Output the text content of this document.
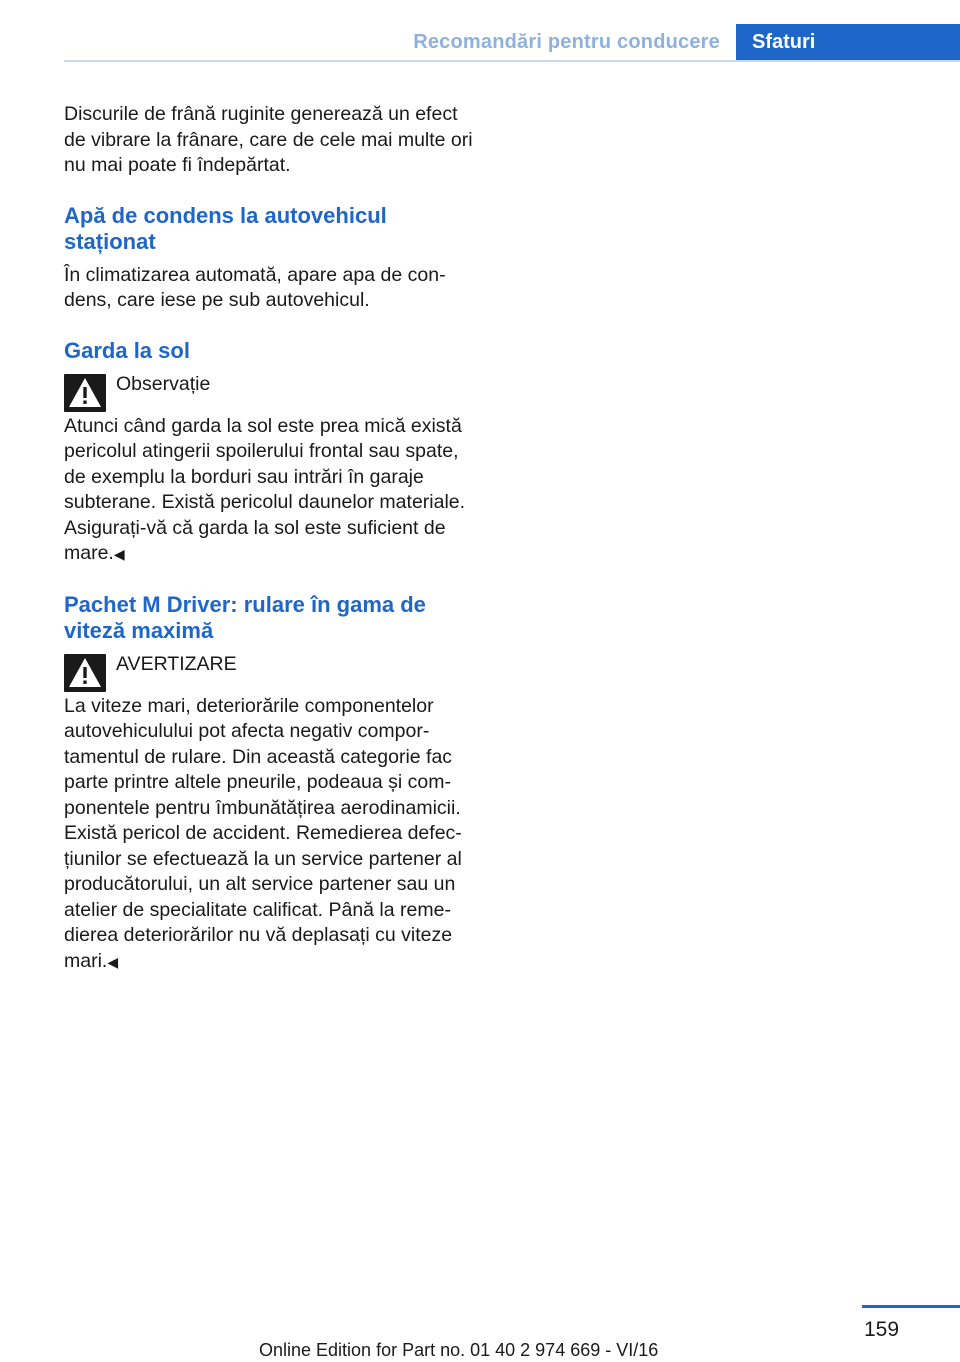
Recomandări pentru conducere	Sfaturi

Discurile de frână ruginite generează un efect de vibrare la frânare, care de cele mai multe ori nu mai poate fi îndepărtat.

Apă de condens la autovehicul staționat

În climatizarea automată, apare apa de condens, care iese pe sub autovehicul.

Garda la sol

Observație

Atunci când garda la sol este prea mică există pericolul atingerii spoilerului frontal sau spate, de exemplu la borduri sau intrări în garaje subterane. Există pericolul daunelor materiale. Asigurați-vă că garda la sol este suficient de mare.◀

Pachet M Driver: rulare în gama de viteză maximă

AVERTIZARE

La viteze mari, deteriorările componentelor autovehiculului pot afecta negativ comportamentul de rulare. Din această categorie fac parte printre altele pneurile, podeaua și componentele pentru îmbunătățirea aerodinamicii. Există pericol de accident. Remedierea defecțiunilor se efectuează la un service partener al producătorului, un alt service partener sau un atelier de specialitate calificat. Până la remedierea deteriorărilor nu vă deplasați cu viteze mari.◀

159
Online Edition for Part no. 01 40 2 974 669 - VI/16
